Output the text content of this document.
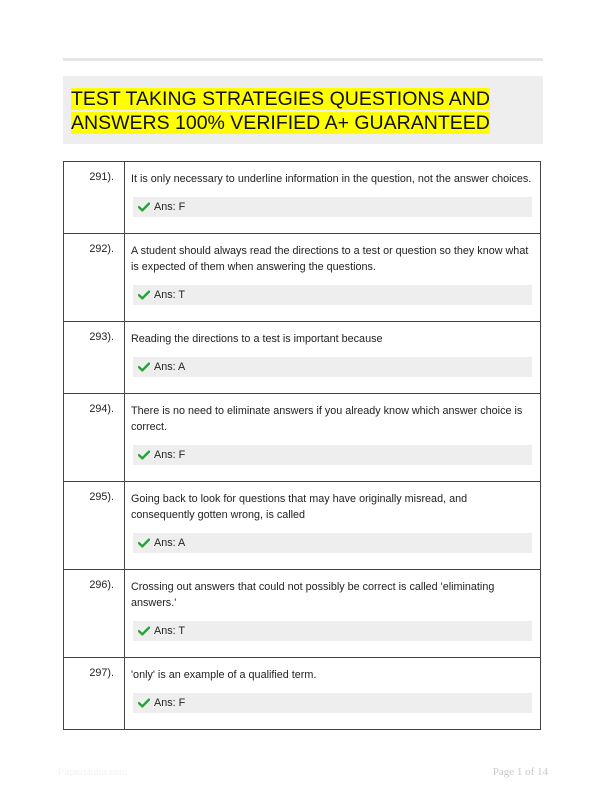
TEST TAKING STRATEGIES QUESTIONS AND ANSWERS 100% VERIFIED A+ GUARANTEED
291).	It is only necessary to underline information in the question, not the answer choices.
Ans: F

292).	A student should always read the directions to a test or question so they know what is expected of them when answering the questions.
Ans: T

293).	Reading the directions to a test is important because
Ans: A

294).	There is no need to eliminate answers if you already know which answer choice is correct.
Ans: F

295).	Going back to look for questions that may have originally misread, and consequently gotten wrong, is called
Ans: A

296).	Crossing out answers that could not possibly be correct is called 'eliminating answers.'
Ans: T

297).	'only' is an example of a qualified term.
Ans: F
Paperstutor.com	Page 1 of 14
